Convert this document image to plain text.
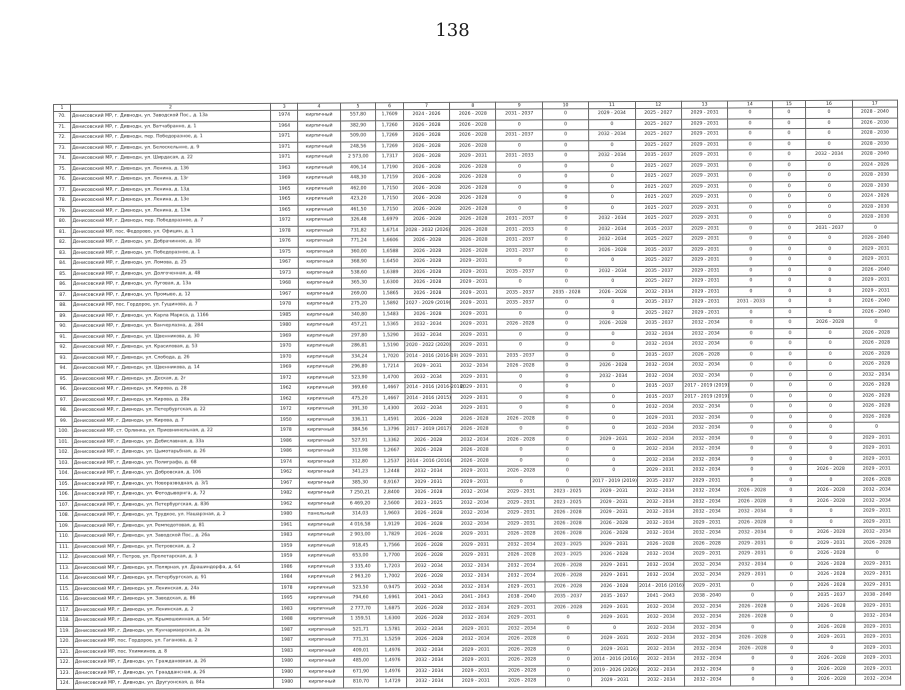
138
1	2	3	4	5	6	7	8	9	10	11	12	13	14	15	16	17
70.	Денисовский МР, г. Дивнодн, ул. Заводской Пос., д. 13а	1974	кирпичный	557,80	1,7609	2024 - 2026	2026 - 2028	2031 - 2037	0	2029 - 2034	2025 - 2027	2029 - 2031	0	0	0	2028 - 2040
71.	Денисовский МР, г. Дивнодн, ул. Ватчабранно, д. 1	1964	кирпичный	382,90	1,7260	2026 - 2028	2026 - 2028	0	0	0	2025 - 2027	2029 - 2031	0	0	0	2026 - 2030
72.	Денисовский МР, г. Дивнодн, пер. Победоразное, д. 1	1971	кирпичный	509,00	1,7269	2026 - 2028	2026 - 2028	2031 - 2037	0	2032 - 2034	2025 - 2027	2029 - 2031	0	0	0	2028 - 2030
73.	Денисовский МР, г. Дивнодн, ул. Белоскельнне, д. 9	1971	кирпичный	248,56	1,7269	2026 - 2028	2026 - 2028	0	0	0	2025 - 2027	2029 - 2031	0	0	0	2028 - 2030
74.	Денисовский МР, г. Дивнодн, ул. Ширдасая, д. 22	1971	кирпичный	2 573,00	1,7317	2026 - 2028	2029 - 2031	2031 - 2033	0	2032 - 2034	2035 - 2037	2029 - 2031	0	0	2032 - 2034	2028 - 2040
75.	Денисовский МР, г. Дивнодн, ул. Ленина, д. 13б	1963	кирпичный	406,14	1,7190	2026 - 2028	2026 - 2028	0	0	0	2025 - 2027	2029 - 2031	0	0	0	2024 - 2026
76.	Денисовский МР, г. Дивнодн, ул. Ленина, д. 13г	1969	кирпичный	448,30	1,7159	2026 - 2028	2026 - 2028	0	0	0	2025 - 2027	2029 - 2031	0	0	0	2028 - 2030
77.	Денисовский МР, г. Дивнодн, ул. Ленина, д. 13д	1965	кирпичный	462,00	1,7150	2026 - 2028	2026 - 2028	0	0	0	2025 - 2027	2029 - 2031	0	0	0	2028 - 2030
78.	Денисовский МР, г. Дивнодн, ул. Ленина, д. 13е	1965	кирпичный	423,20	1,7150	2026 - 2028	2026 - 2028	0	0	0	2025 - 2027	2029 - 2031	0	0	0	2024 - 2026
79.	Денисовский МР, г. Дивнодн, ул. Ленина, д. 13ж	1965	кирпичный	461,50	1,7150	2026 - 2028	2026 - 2028	0	0	0	2025 - 2027	2029 - 2031	0	0	0	2028 - 2030
80.	Денисовский МР, г. Дивнодн, пер. Победоразное, д. 7	1972	кирпичный	326,48	1,6979	2026 - 2028	2026 - 2028	2031 - 2037	0	2032 - 2034	2025 - 2027	2029 - 2031	0	0	0	2028 - 2030
81.	Денисовский МР, пос. Федорово, ул. Официн, д. 1	1978	кирпичный	731,82	1,6714	2028 - 2032 (2026)	2026 - 2028	2031 - 2033	0	2032 - 2034	2035 - 2037	2029 - 2031	0	0	2031 - 2037	0
82.	Денисовский МР, г. Дивнодн, ул. Добрачинное, д. 30	1976	кирпичный	771,24	1,6606	2026 - 2028	2026 - 2028	2031 - 2037	0	2032 - 2034	2025 - 2027	2029 - 2031	0	0	0	2026 - 2040
83.	Денисовский МР, г. Дивнодн, ул. Победоразное, д. 1	1975	кирпичный	360,00	1,6588	2026 - 2028	2026 - 2028	2031 - 2037	0	2026 - 2028	2035 - 2037	2029 - 2031	0	0	0	2029 - 2031
84.	Денисовский МР, г. Дивнодн, ул. Ломова, д. 25	1967	кирпичный	368,90	1,6450	2026 - 2028	2029 - 2031	0	0	0	2025 - 2027	2029 - 2031	0	0	0	2029 - 2031
85.	Денисовский МР, г. Дивнодн, ул. Долгоченная, д. 48	1973	кирпичный	538,60	1,6389	2026 - 2028	2029 - 2031	2035 - 2037	0	2032 - 2034	2035 - 2037	2029 - 2031	0	0	0	2026 - 2040
86.	Денисовский МР, г. Дивнодн, ул. Луговая, д. 13а	1968	кирпичный	365,30	1,6300	2026 - 2028	2029 - 2031	0	0	0	2025 - 2027	2029 - 2031	0	0	0	2029 - 2031
87.	Денисовский МР, г. Дивнодн, ул. Промыво, д. 12	1967	кирпичный	269,00	1,5865	2026 - 2028	2029 - 2031	2035 - 2037	2035 - 2028	2026 - 2028	2032 - 2034	2029 - 2031	0	0	0	2029 - 2031
88.	Денисовский МР, пос. Гордорое, ул. Гущинова, д. 7	1978	кирпичный	275,20	1,5892	2027 - 2029 (2019)	2029 - 2031	2035 - 2037	0	0	2035 - 2037	2029 - 2031	2031 - 2033	0	0	2026 - 2040
89.	Денисовский МР, г. Дивнодн, ул. Карла Маркса, д. 116б	1985	кирпичный	340,80	1,5483	2026 - 2028	2029 - 2031	0	0	0	2025 - 2027	2029 - 2031	0	0	0	2026 - 2040
90.	Денисовский МР, г. Дивнодн, ул. Ванчерлазна, д. 284	1980	кирпичный	457,21	1,5365	2032 - 2034	2029 - 2031	2026 - 2028	0	2026 - 2028	2035 - 2037	2032 - 2034	0	0	2026 - 2028	0
91.	Денисовский МР, г. Дивнодн, ул. Щвенникова, д. 30	1969	кирпичный	297,80	1,5290	2032 - 2034	2029 - 2031	0	0	0	2032 - 2034	2032 - 2034	0	0	0	2026 - 2028
92.	Денисовский МР, г. Дивнодн, ул. Красиловая, д. 53	1970	кирпичный	286,81	1,5190	2020 - 2022 (2020)	2029 - 2031	0	0	0	2032 - 2034	2032 - 2034	0	0	0	2026 - 2028
93.	Денисовский МР, г. Дивнодн, ул. Слобода, д. 26	1970	кирпичный	334,24	1,7020	2014 - 2016 (2016-19)	2029 - 2031	2035 - 2037	0	0	2035 - 2037	2026 - 2028	0	0	0	2026 - 2028
94.	Денисовский МР, г. Дивнодн, ул. Щвенникова, д. 14	1969	кирпичный	296,80	1,7214	2029 - 2031	2032 - 2034	2026 - 2028	0	2026 - 2028	2032 - 2034	2032 - 2034	0	0	0	2026 - 2028
95.	Денисовский МР, г. Дивнодн, ул. Деская, д. 2г	1972	кирпичный	523,90	1,4700	2032 - 2034	2029 - 2031	0	0	2032 - 2034	2032 - 2034	2032 - 2034	0	0	0	2032 - 2034
96.	Денисовский МР, г. Дивнодн, ул. Кирова, д. 28	1962	кирпичный	369,60	1,4667	2014 - 2016 (2016-2018)	2029 - 2031	0	0	0	2035 - 2037	2017 - 2019 (2019)	0	0	0	2026 - 2028
97.	Денисовский МР, г. Дивнодн, ул. Кирова, д. 28а	1962	кирпичный	475,20	1,4667	2014 - 2016 (2015)	2029 - 2031	0	0	0	2035 - 2037	2017 - 2019 (2019)	0	0	0	2026 - 2028
98.	Денисовский МР, г. Дивнодн, ул. Петербургская, д. 22	1972	кирпичный	391,30	1,4300	2032 - 2034	2029 - 2031	0	0	0	2032 - 2034	2032 - 2034	0	0	0	2026 - 2028
99.	Денисовский МР, г. Дивнодн, ул. Кирова, д. 7	1950	кирпичный	336,11	1,4591	2026 - 2028	2026 - 2028	2026 - 2028	0	0	2029 - 2031	2032 - 2034	0	0	0	2026 - 2028
100.	Денисовский МР, ст. Орлинка, ул. Приевнинельная, д. 22	1978	кирпичный	384,56	1,3796	2017 - 2019 (2017)	2026 - 2028	0	0	0	2032 - 2034	2032 - 2034	0	0	0	0
101.	Денисовский МР, г. Дивнодн, ул. Дебиславная, д. 33а	1986	кирпичный	527,91	1,3362	2026 - 2028	2032 - 2034	2026 - 2028	0	2029 - 2031	2032 - 2034	2032 - 2034	0	0	0	2029 - 2031
102.	Денисовский МР, г. Дивнодн, ул. Цымотарьбная, д. 26	1986	кирпичный	313,98	1,2667	2026 - 2028	2026 - 2028	0	0	0	2032 - 2034	2032 - 2034	0	0	0	2029 - 2031
103.	Денисовский МР, г. Дивнодн, ул. Полиграфа, д. 68	1974	кирпичный	312,80	1,2537	2014 - 2016 (2016)	2026 - 2028	0	0	0	2032 - 2034	2032 - 2034	0	0	0	2029 - 2031
104.	Денисовский МР, г. Дивнодн, ул. Добровская, д. 106	1962	кирпичный	341,23	1,2448	2032 - 2034	2029 - 2031	2026 - 2028	0	0	2029 - 2031	2032 - 2034	0	0	2026 - 2028	2029 - 2031
105.	Денисовский МР, г. Дивнодн, ул. Новоразводная, д. 3/1	1967	кирпичный	385,30	0,9167	2029 - 2031	2029 - 2031	0	0	2017 - 2019 (2019)	2035 - 2037	2029 - 2031	0	0	0	2026 - 2028
106.	Денисовский МР, г. Дивнодн, ул. Фотодыворнга, д. 72	1982	кирпичный	7 250,21	2,8400	2026 - 2028	2032 - 2034	2029 - 2031	2023 - 2025	2029 - 2031	2032 - 2034	2032 - 2034	2026 - 2028	0	2026 - 2028	2032 - 2034
107.	Денисовский МР, г. Дивнодн, ул. Петербургская, д. 83б	1962	кирпичный	6 469,20	2,5600	2023 - 2025	2032 - 2034	2029 - 2031	2023 - 2025	2029 - 2031	2032 - 2034	2032 - 2034	2026 - 2028	0	2026 - 2028	2032 - 2034
108.	Денисовский МР, г. Дивнодн, ул. Трудкое, ул. Нашарзная, д. 2	1980	панельный	314,03	1,9603	2026 - 2028	2032 - 2034	2029 - 2031	2026 - 2028	2029 - 2031	2032 - 2034	2032 - 2034	2032 - 2034	0	0	2029 - 2031
109.	Денисовский МР, г. Дивнодн, ул. Ремпедотовая, д. 81	1961	кирпичный	4 016,58	1,9129	2026 - 2028	2032 - 2034	2029 - 2031	2026 - 2028	2026 - 2028	2032 - 2034	2029 - 2031	2026 - 2028	0	0	2029 - 2031
110.	Денисовский МР, г. Дивнодн, ул. Заводской Пос., д. 26а	1983	кирпичный	2 903,00	1,7829	2026 - 2028	2029 - 2031	2026 - 2028	2026 - 2028	2026 - 2028	2032 - 2034	2032 - 2034	2032 - 2034	0	2026 - 2028	2032 - 2034
111.	Денисовский МР, г. Дивнодн, ул. Петровская, д. 2	1959	кирпичный	918,45	1,7566	2026 - 2028	2029 - 2031	2032 - 2034	2023 - 2025	2029 - 2031	2026 - 2028	2026 - 2028	2029 - 2031	0	2029 - 2031	2026 - 2028
112.	Денисовский МР, г. Петров, ул. Пролетарская, д. 3	1959	кирпичный	653,00	1,7700	2026 - 2028	2029 - 2031	2026 - 2028	2023 - 2025	2026 - 2028	2032 - 2034	2029 - 2031	2029 - 2031	0	2026 - 2028	0
113.	Денисовский МР, г. Дивнодн, ул. Полярная, ул. Драшиндорфа, д. 64	1986	кирпичный	3 335,40	1,7203	2032 - 2034	2032 - 2034	2032 - 2034	2026 - 2028	2029 - 2031	2032 - 2034	2032 - 2034	2032 - 2034	0	2026 - 2028	2029 - 2031
114.	Денисовский МР, г. Дивнодн, ул. Петербургская, д. 91	1984	кирпичный	2 963,20	1,7002	2026 - 2028	2032 - 2034	2032 - 2034	2026 - 2028	2029 - 2031	2032 - 2034	2032 - 2034	2029 - 2031	0	2026 - 2028	2029 - 2031
115.	Денисовский МР, г. Дивнодн, ул. Ленинская, д. 24а	1978	кирпичный	523,50	0,9475	2032 - 2034	2032 - 2034	2029 - 2031	2026 - 2028	2026 - 2028	2014 - 2016 (2016)	2029 - 2031	0	0	2026 - 2028	2029 - 2031
116.	Денисовский МР, г. Дивнодн, ул. Заводская, д. 86	1995	кирпичный	794,60	1,6961	2041 - 2043	2041 - 2043	2038 - 2040	2035 - 2037	2035 - 2037	2041 - 2043	2038 - 2040	0	0	2035 - 2037	2038 - 2040
117.	Денисовский МР, г. Дивнодн, ул. Ленинская, д. 2	1983	кирпичный	2 777,70	1,6875	2026 - 2028	2032 - 2034	2029 - 2031	2026 - 2028	2029 - 2031	2032 - 2034	2032 - 2034	2026 - 2028	0	2026 - 2028	2029 - 2031
118.	Денисовский МР, г. Дивнодн, ул. Крымошеинная, д. 54г	1988	кирпичный	1 359,51	1,6300	2026 - 2028	2032 - 2034	2029 - 2031	0	2029 - 2031	2032 - 2034	2032 - 2034	2026 - 2028	0	0	2032 - 2034
119.	Денисовский МР, г. Дивнодн, ул. Кунчариаорская, д. 2в	1987	кирпичный	521,71	1,5781	2032 - 2034	2029 - 2031	2032 - 2034	0	0	2032 - 2034	2032 - 2034	0	0	2026 - 2028	2029 - 2031
120.	Денисовский МР, пос. Гордорое, ул. Гаганова, д. 2	1987	кирпичный	771,31	1,5259	2026 - 2028	2032 - 2034	2026 - 2028	0	2029 - 2031	2032 - 2034	2032 - 2034	2026 - 2028	0	2029 - 2031	2029 - 2031
121.	Денисовский МР, пос. Ухимкинов, д. 8	1983	кирпичный	409,01	1,4976	2032 - 2034	2029 - 2031	2026 - 2028	0	2029 - 2031	2032 - 2034	2032 - 2034	2026 - 2028	0	0	2029 - 2031
122.	Денисовский МР, г. Дивнодн, ул. Граждановкая, д. 26	1980	кирпичный	485,00	1,4976	2032 - 2034	2029 - 2031	2026 - 2028	0	2014 - 2016 (2016)	2032 - 2034	2032 - 2034	0	0	2026 - 2028	2029 - 2031
123.	Денисовский МР, г. Дивнодн, ул. Грааддансная, д. 26	1980	кирпичный	671,90	1,4976	2032 - 2034	2029 - 2031	2026 - 2028	0	2019 - 2026 (2026)	2032 - 2034	2032 - 2034	0	0	2026 - 2028	2029 - 2031
124.	Денисовский МР, г. Дивнодн, ул. Другуонская, д. 84а	1980	кирпичный	810,70	1,4729	2032 - 2034	2029 - 2031	2026 - 2028	0	2029 - 2031	2032 - 2034	2032 - 2034	0	0	2026 - 2028	2032 - 2034
